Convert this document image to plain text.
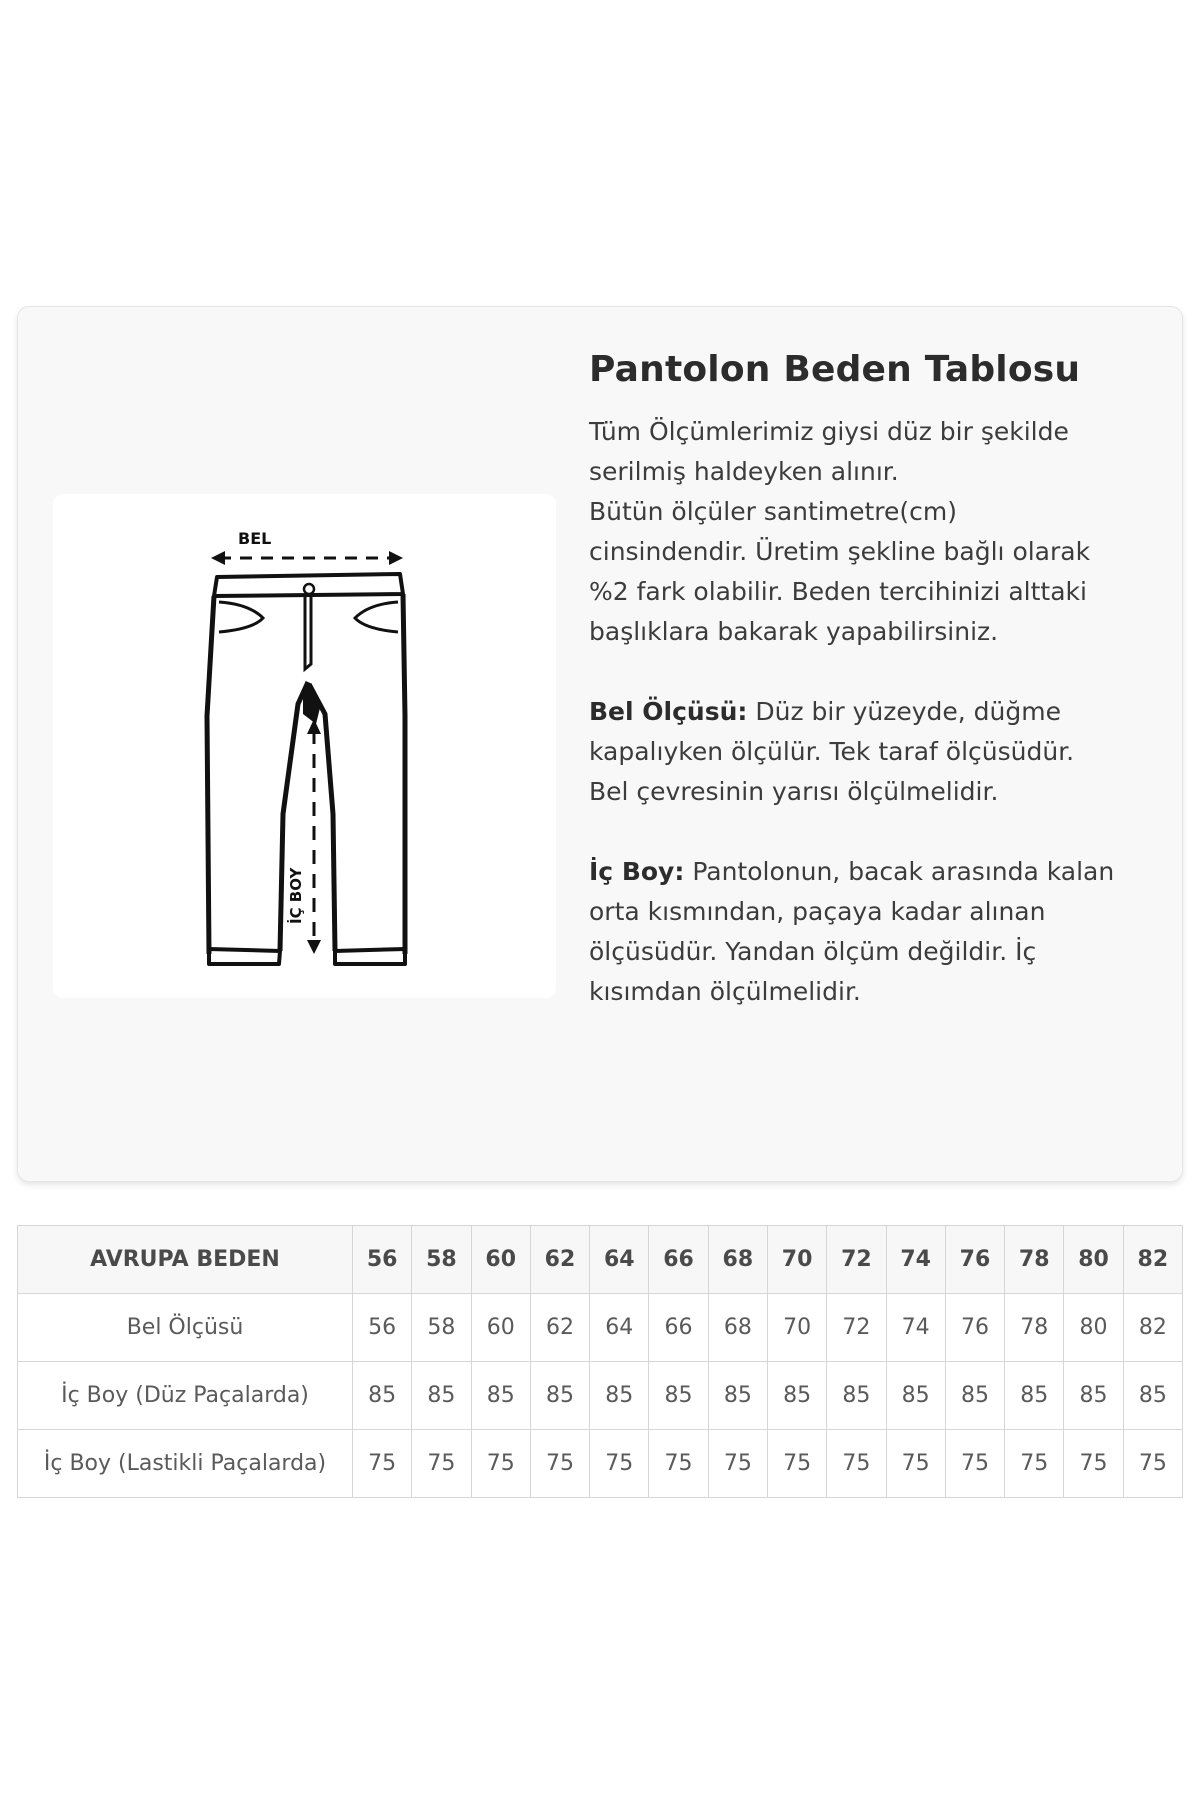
BEL
İÇ BOY
Pantolon Beden Tablosu

Tüm Ölçümlerimiz giysi düz bir şekilde
serilmiş haldeyken alınır.
Bütün ölçüler santimetre(cm)
cinsindendir. Üretim şekline bağlı olarak
%2 fark olabilir. Beden tercihinizi alttaki
başlıklara bakarak yapabilirsiniz.

Bel Ölçüsü: Düz bir yüzeyde, düğme
kapalıyken ölçülür. Tek taraf ölçüsüdür.
Bel çevresinin yarısı ölçülmelidir.

İç Boy: Pantolonun, bacak arasında kalan
orta kısmından, paçaya kadar alınan
ölçüsüdür. Yandan ölçüm değildir. İç
kısımdan ölçülmelidir.

AVRUPA BEDEN	56	58	60	62	64	66	68	70	72	74	76	78	80	82
Bel Ölçüsü	56	58	60	62	64	66	68	70	72	74	76	78	80	82
İç Boy (Düz Paçalarda)	85	85	85	85	85	85	85	85	85	85	85	85	85	85
İç Boy (Lastikli Paçalarda)	75	75	75	75	75	75	75	75	75	75	75	75	75	75
